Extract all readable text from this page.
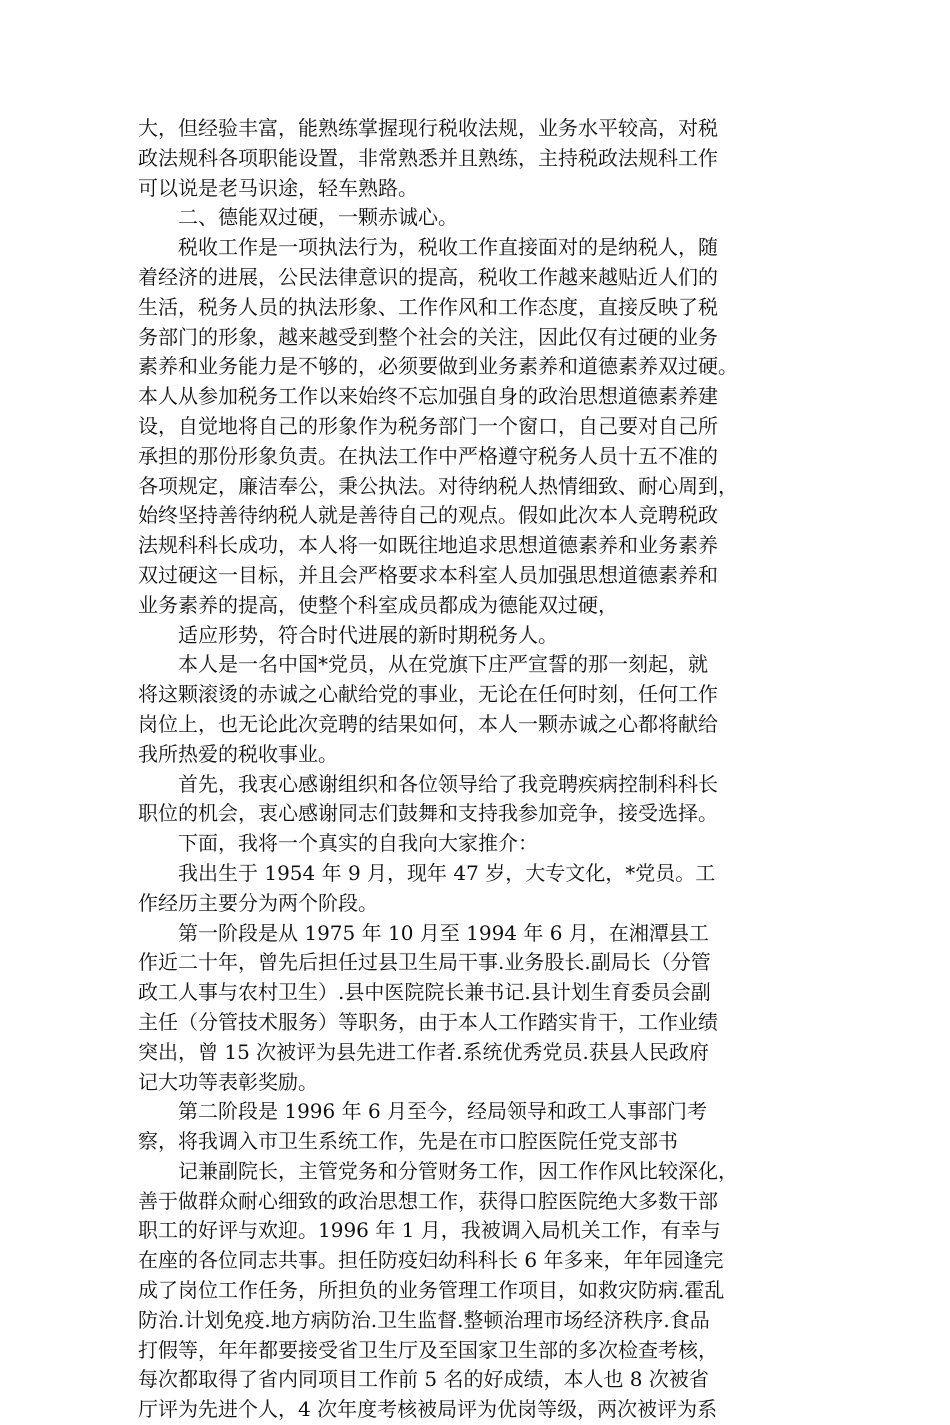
大，但经验丰富，能熟练掌握现行税收法规，业务水平较高，对税
政法规科各项职能设置，非常熟悉并且熟练，主持税政法规科工作
可以说是老马识途，轻车熟路。
二、德能双过硬，一颗赤诚心。
税收工作是一项执法行为，税收工作直接面对的是纳税人，随
着经济的进展，公民法律意识的提高，税收工作越来越贴近人们的
生活，税务人员的执法形象、工作作风和工作态度，直接反映了税
务部门的形象，越来越受到整个社会的关注，因此仅有过硬的业务
素养和业务能力是不够的，必须要做到业务素养和道德素养双过硬。
本人从参加税务工作以来始终不忘加强自身的政治思想道德素养建
设，自觉地将自己的形象作为税务部门一个窗口，自己要对自己所
承担的那份形象负责。在执法工作中严格遵守税务人员十五不准的
各项规定，廉洁奉公，秉公执法。对待纳税人热情细致、耐心周到，
始终坚持善待纳税人就是善待自己的观点。假如此次本人竞聘税政
法规科科长成功，本人将一如既往地追求思想道德素养和业务素养
双过硬这一目标，并且会严格要求本科室人员加强思想道德素养和
业务素养的提高，使整个科室成员都成为德能双过硬，
适应形势，符合时代进展的新时期税务人。
本人是一名中国*党员，从在党旗下庄严宣誓的那一刻起，就
将这颗滚烫的赤诚之心献给党的事业，无论在任何时刻，任何工作
岗位上，也无论此次竞聘的结果如何，本人一颗赤诚之心都将献给
我所热爱的税收事业。
首先，我衷心感谢组织和各位领导给了我竞聘疾病控制科科长
职位的机会，衷心感谢同志们鼓舞和支持我参加竞争，接受选择。
下面，我将一个真实的自我向大家推介：
我出生于 1954 年 9 月，现年 47 岁，大专文化，*党员。工
作经历主要分为两个阶段。
第一阶段是从 1975 年 10 月至 1994 年 6 月，在湘潭县工
作近二十年，曾先后担任过县卫生局干事.业务股长.副局长（分管
政工人事与农村卫生）.县中医院院长兼书记.县计划生育委员会副
主任（分管技术服务）等职务，由于本人工作踏实肯干，工作业绩
突出，曾 15 次被评为县先进工作者.系统优秀党员.获县人民政府
记大功等表彰奖励。
第二阶段是 1996 年 6 月至今，经局领导和政工人事部门考
察，将我调入市卫生系统工作，先是在市口腔医院任党支部书
记兼副院长，主管党务和分管财务工作，因工作作风比较深化，
善于做群众耐心细致的政治思想工作，获得口腔医院绝大多数干部
职工的好评与欢迎。1996 年 1 月，我被调入局机关工作，有幸与
在座的各位同志共事。担任防疫妇幼科科长 6 年多来，年年园逢完
成了岗位工作任务，所担负的业务管理工作项目，如救灾防病.霍乱
防治.计划免疫.地方病防治.卫生监督.整顿治理市场经济秩序.食品
打假等，年年都要接受省卫生厅及至国家卫生部的多次检查考核，
每次都取得了省内同项目工作前 5 名的好成绩，本人也 8 次被省
厅评为先进个人，4 次年度考核被局评为优岗等级，两次被评为系
